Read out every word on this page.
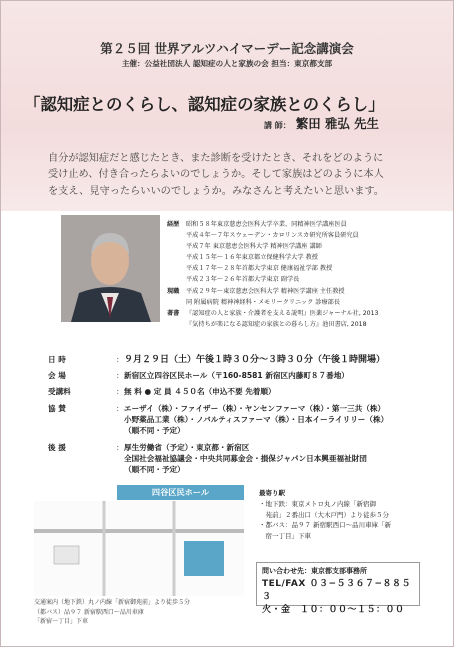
第２５回 世界アルツハイマーデー記念講演会
主催：公益社団法人 認知症の人と家族の会 担当：東京都支部
「認知症とのくらし、認知症の家族とのくらし」
講 師： 繁田 雅弘 先生
自分が認知症だと感じたとき、また診断を受けたとき、それをどのように
受け止め、付き合ったらよいのでしょうか。そして家族はどのように本人
を支え、見守ったらいいのでしょうか。みなさんと考えたいと思います。
経歴	昭和５８年東京慈恵会医科大学卒業、同精神医学講座医員
平成４年〜７年スウェーデン・カロリンスカ研究所客員研究員
平成７年 東京慈恵会医科大学 精神医学講座 講師
平成１５年〜１６年東京都立保健科学大学 教授
平成１７年〜２８年首都大学東京 健康福祉学部 教授
平成２３年〜２６年首都大学東京 副学長
現職	平成２９年〜東京慈恵会医科大学 精神医学講座 主任教授
同 附属病院 精神神経科・メモリークリニック 診療部長
著書	『認知症の人と家族・介護者を支える説明』医薬ジャーナル社, 2013
『気持ちが楽になる認知症の家族との暮らし方』池田書店, 2018
日 時	： ９月２９日（土）午後１時３０分〜３時３０分（午後１時開場）
会 場	： 新宿区立四谷区民ホール（〒160-8581 新宿区内藤町８７番地）
受講料	： 無 料 ● 定 員 ４５０名（申込不要 先着順）
協 賛	： エーザイ（株）・ファイザー（株）・ヤンセンファーマ（株）・第一三共（株）
小野薬品工業（株）・ノバルティスファーマ（株）・日本イーライリリー（株）
（順不同・予定）
後 援	： 厚生労働省（予定）・東京都・新宿区
全国社会福祉協議会・中央共同募金会・損保ジャパン日本興亜福祉財団
（順不同・予定）
四谷区民ホール
交通案内（地下鉄）丸ノ内線「新宿御苑前」より徒歩５分
（都バス）品９７ 新宿駅西口〜品川車庫
「新宿一丁目」下車
最寄り駅
・地下鉄：東京メトロ丸ノ内線「新宿御
　苑前」２番出口（大木戸門）より徒歩５分
・都バス：品９７ 新宿駅西口〜品川車庫「新
　宿一丁目」下車
問い合わせ先：東京都支部事務所
TEL/FAX ０３−５３６７−８８５３
火・金　１０：００〜１５：００
